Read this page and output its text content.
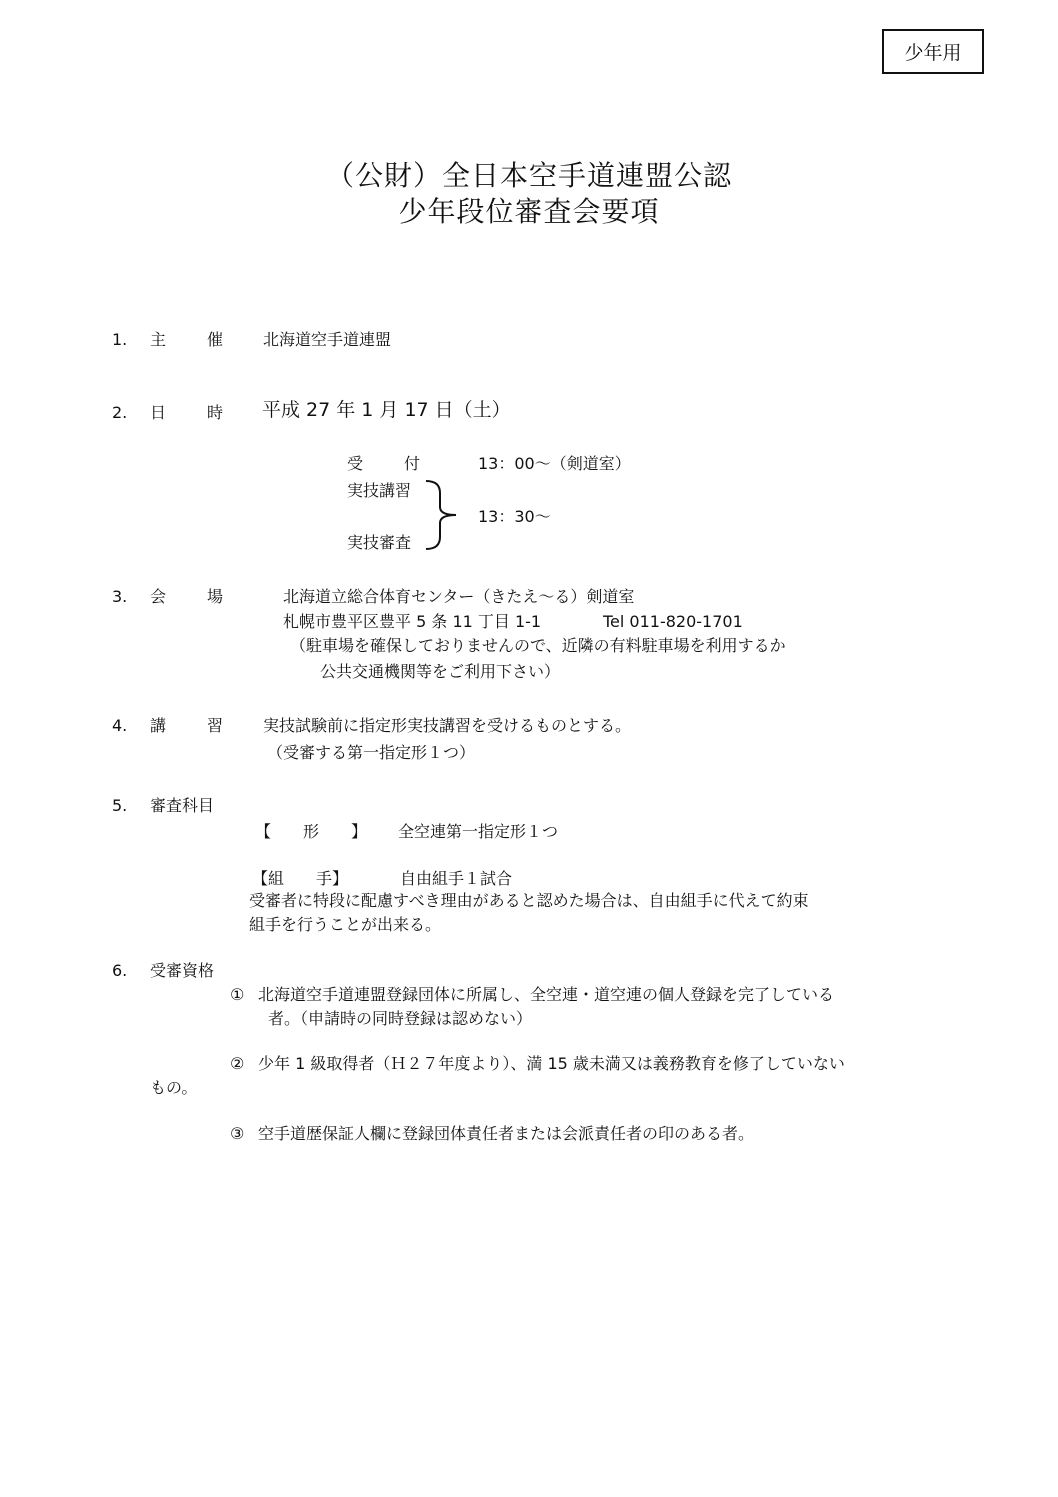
少年用
（公財）全日本空手道連盟公認
少年段位審査会要項
1. 主	催 北海道空手道連盟
2. 日	時 平成 27 年 1 月 17 日（土）
受	付	13：00～（剣道室）
実技講習
実技審査
13：30～
3. 会	場	北海道立総合体育センター（きたえ～る）剣道室
札幌市豊平区豊平 5 条 11 丁目 1-1	Tel 011-820-1701
（駐車場を確保しておりませんので、近隣の有料駐車場を利用するか
公共交通機関等をご利用下さい）
4. 講	習 実技試験前に指定形実技講習を受けるものとする。
（受審する第一指定形１つ）
5. 審査科目
【　　形　　】 全空連第一指定形１つ
【組　　手】	自由組手１試合
受審者に特段に配慮すべき理由があると認めた場合は、自由組手に代えて約束
組手を行うことが出来る。
6. 受審資格
① 北海道空手道連盟登録団体に所属し、全空連・道空連の個人登録を完了している
者。（申請時の同時登録は認めない）
② 少年 1 級取得者（Ｈ２７年度より）、満 15 歳未満又は義務教育を修了していない
もの。
③ 空手道歴保証人欄に登録団体責任者または会派責任者の印のある者。
